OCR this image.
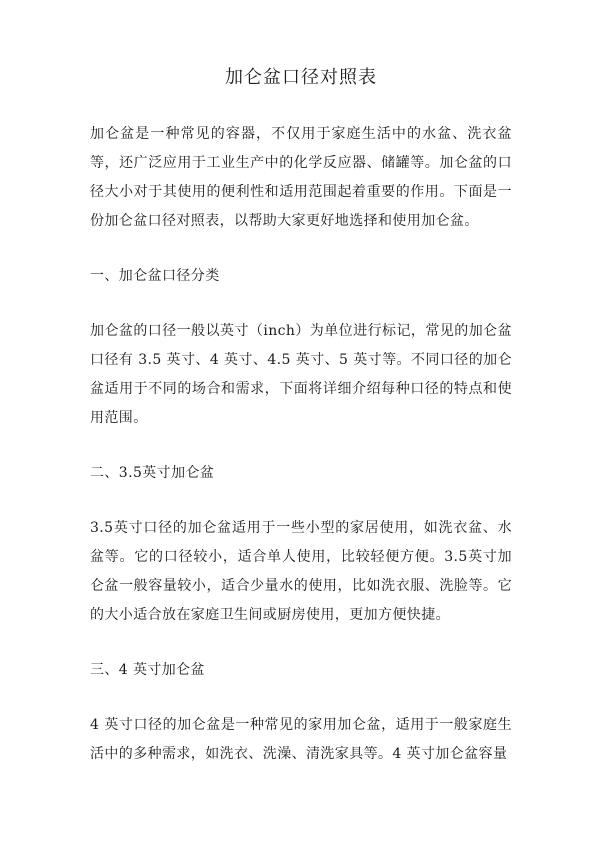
加仑盆口径对照表

加仑盆是一种常见的容器，不仅用于家庭生活中的水盆、洗衣盆等，还广泛应用于工业生产中的化学反应器、储罐等。加仑盆的口径大小对于其使用的便利性和适用范围起着重要的作用。下面是一份加仑盆口径对照表，以帮助大家更好地选择和使用加仑盆。

一、加仑盆口径分类

加仑盆的口径一般以英寸（inch）为单位进行标记，常见的加仑盆口径有 3.5 英寸、4 英寸、4.5 英寸、5 英寸等。不同口径的加仑盆适用于不同的场合和需求，下面将详细介绍每种口径的特点和使用范围。

二、3.5英寸加仑盆

3.5英寸口径的加仑盆适用于一些小型的家居使用，如洗衣盆、水盆等。它的口径较小，适合单人使用，比较轻便方便。3.5英寸加仑盆一般容量较小，适合少量水的使用，比如洗衣服、洗脸等。它的大小适合放在家庭卫生间或厨房使用，更加方便快捷。

三、4 英寸加仑盆

4 英寸口径的加仑盆是一种常见的家用加仑盆，适用于一般家庭生活中的多种需求，如洗衣、洗澡、清洗家具等。4 英寸加仑盆容量
